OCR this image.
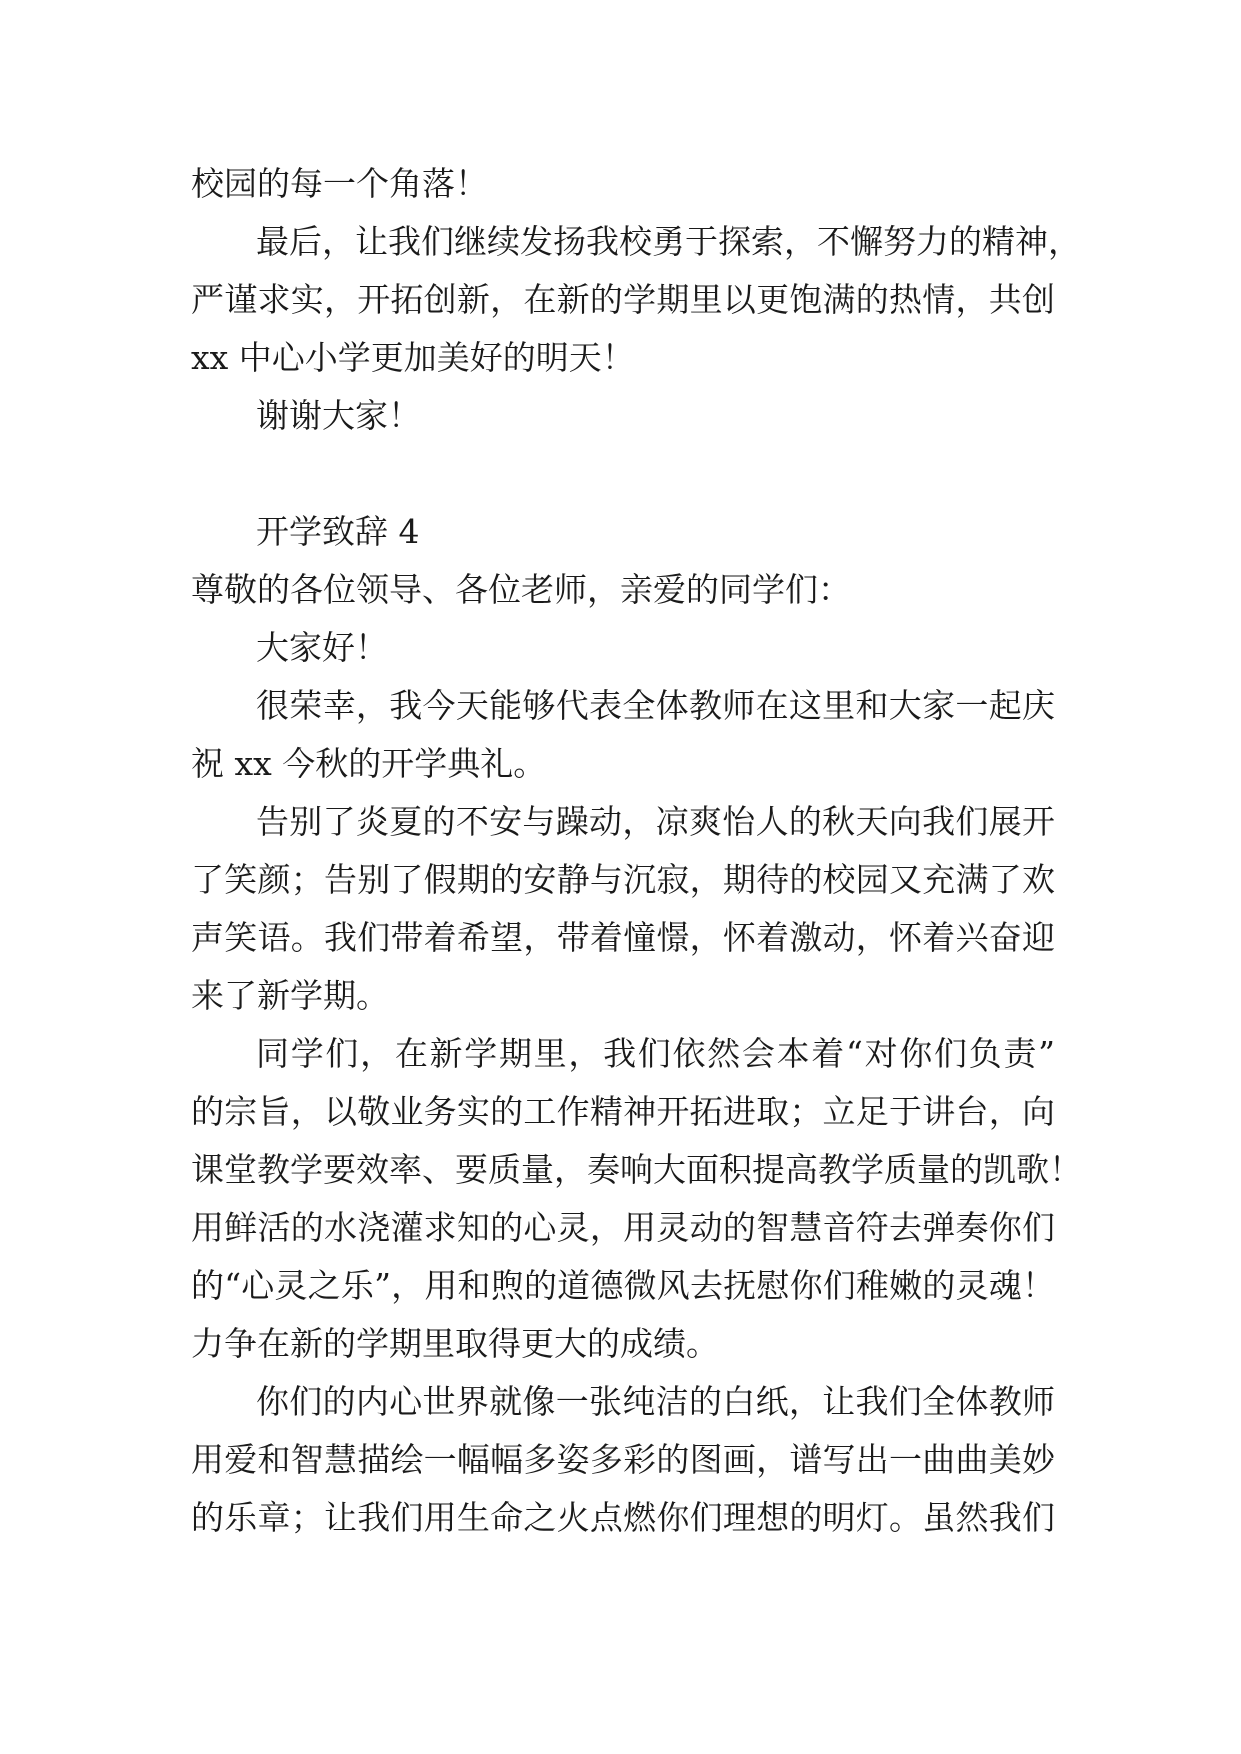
校园的每一个角落！
最后，让我们继续发扬我校勇于探索，不懈努力的精神，
严谨求实，开拓创新，在新的学期里以更饱满的热情，共创
xx 中心小学更加美好的明天！
谢谢大家！
开学致辞 4
尊敬的各位领导、各位老师，亲爱的同学们：
大家好！
很荣幸，我今天能够代表全体教师在这里和大家一起庆
祝 xx 今秋的开学典礼。
告别了炎夏的不安与躁动，凉爽怡人的秋天向我们展开
了笑颜；告别了假期的安静与沉寂，期待的校园又充满了欢
声笑语。我们带着希望，带着憧憬，怀着激动，怀着兴奋迎
来了新学期。
同学们，在新学期里，我们依然会本着“对你们负责”
的宗旨，以敬业务实的工作精神开拓进取；立足于讲台，向
课堂教学要效率、要质量，奏响大面积提高教学质量的凯歌！
用鲜活的水浇灌求知的心灵，用灵动的智慧音符去弹奏你们
的“心灵之乐”，用和煦的道德微风去抚慰你们稚嫩的灵魂！
力争在新的学期里取得更大的成绩。
你们的内心世界就像一张纯洁的白纸，让我们全体教师
用爱和智慧描绘一幅幅多姿多彩的图画，谱写出一曲曲美妙
的乐章；让我们用生命之火点燃你们理想的明灯。虽然我们
